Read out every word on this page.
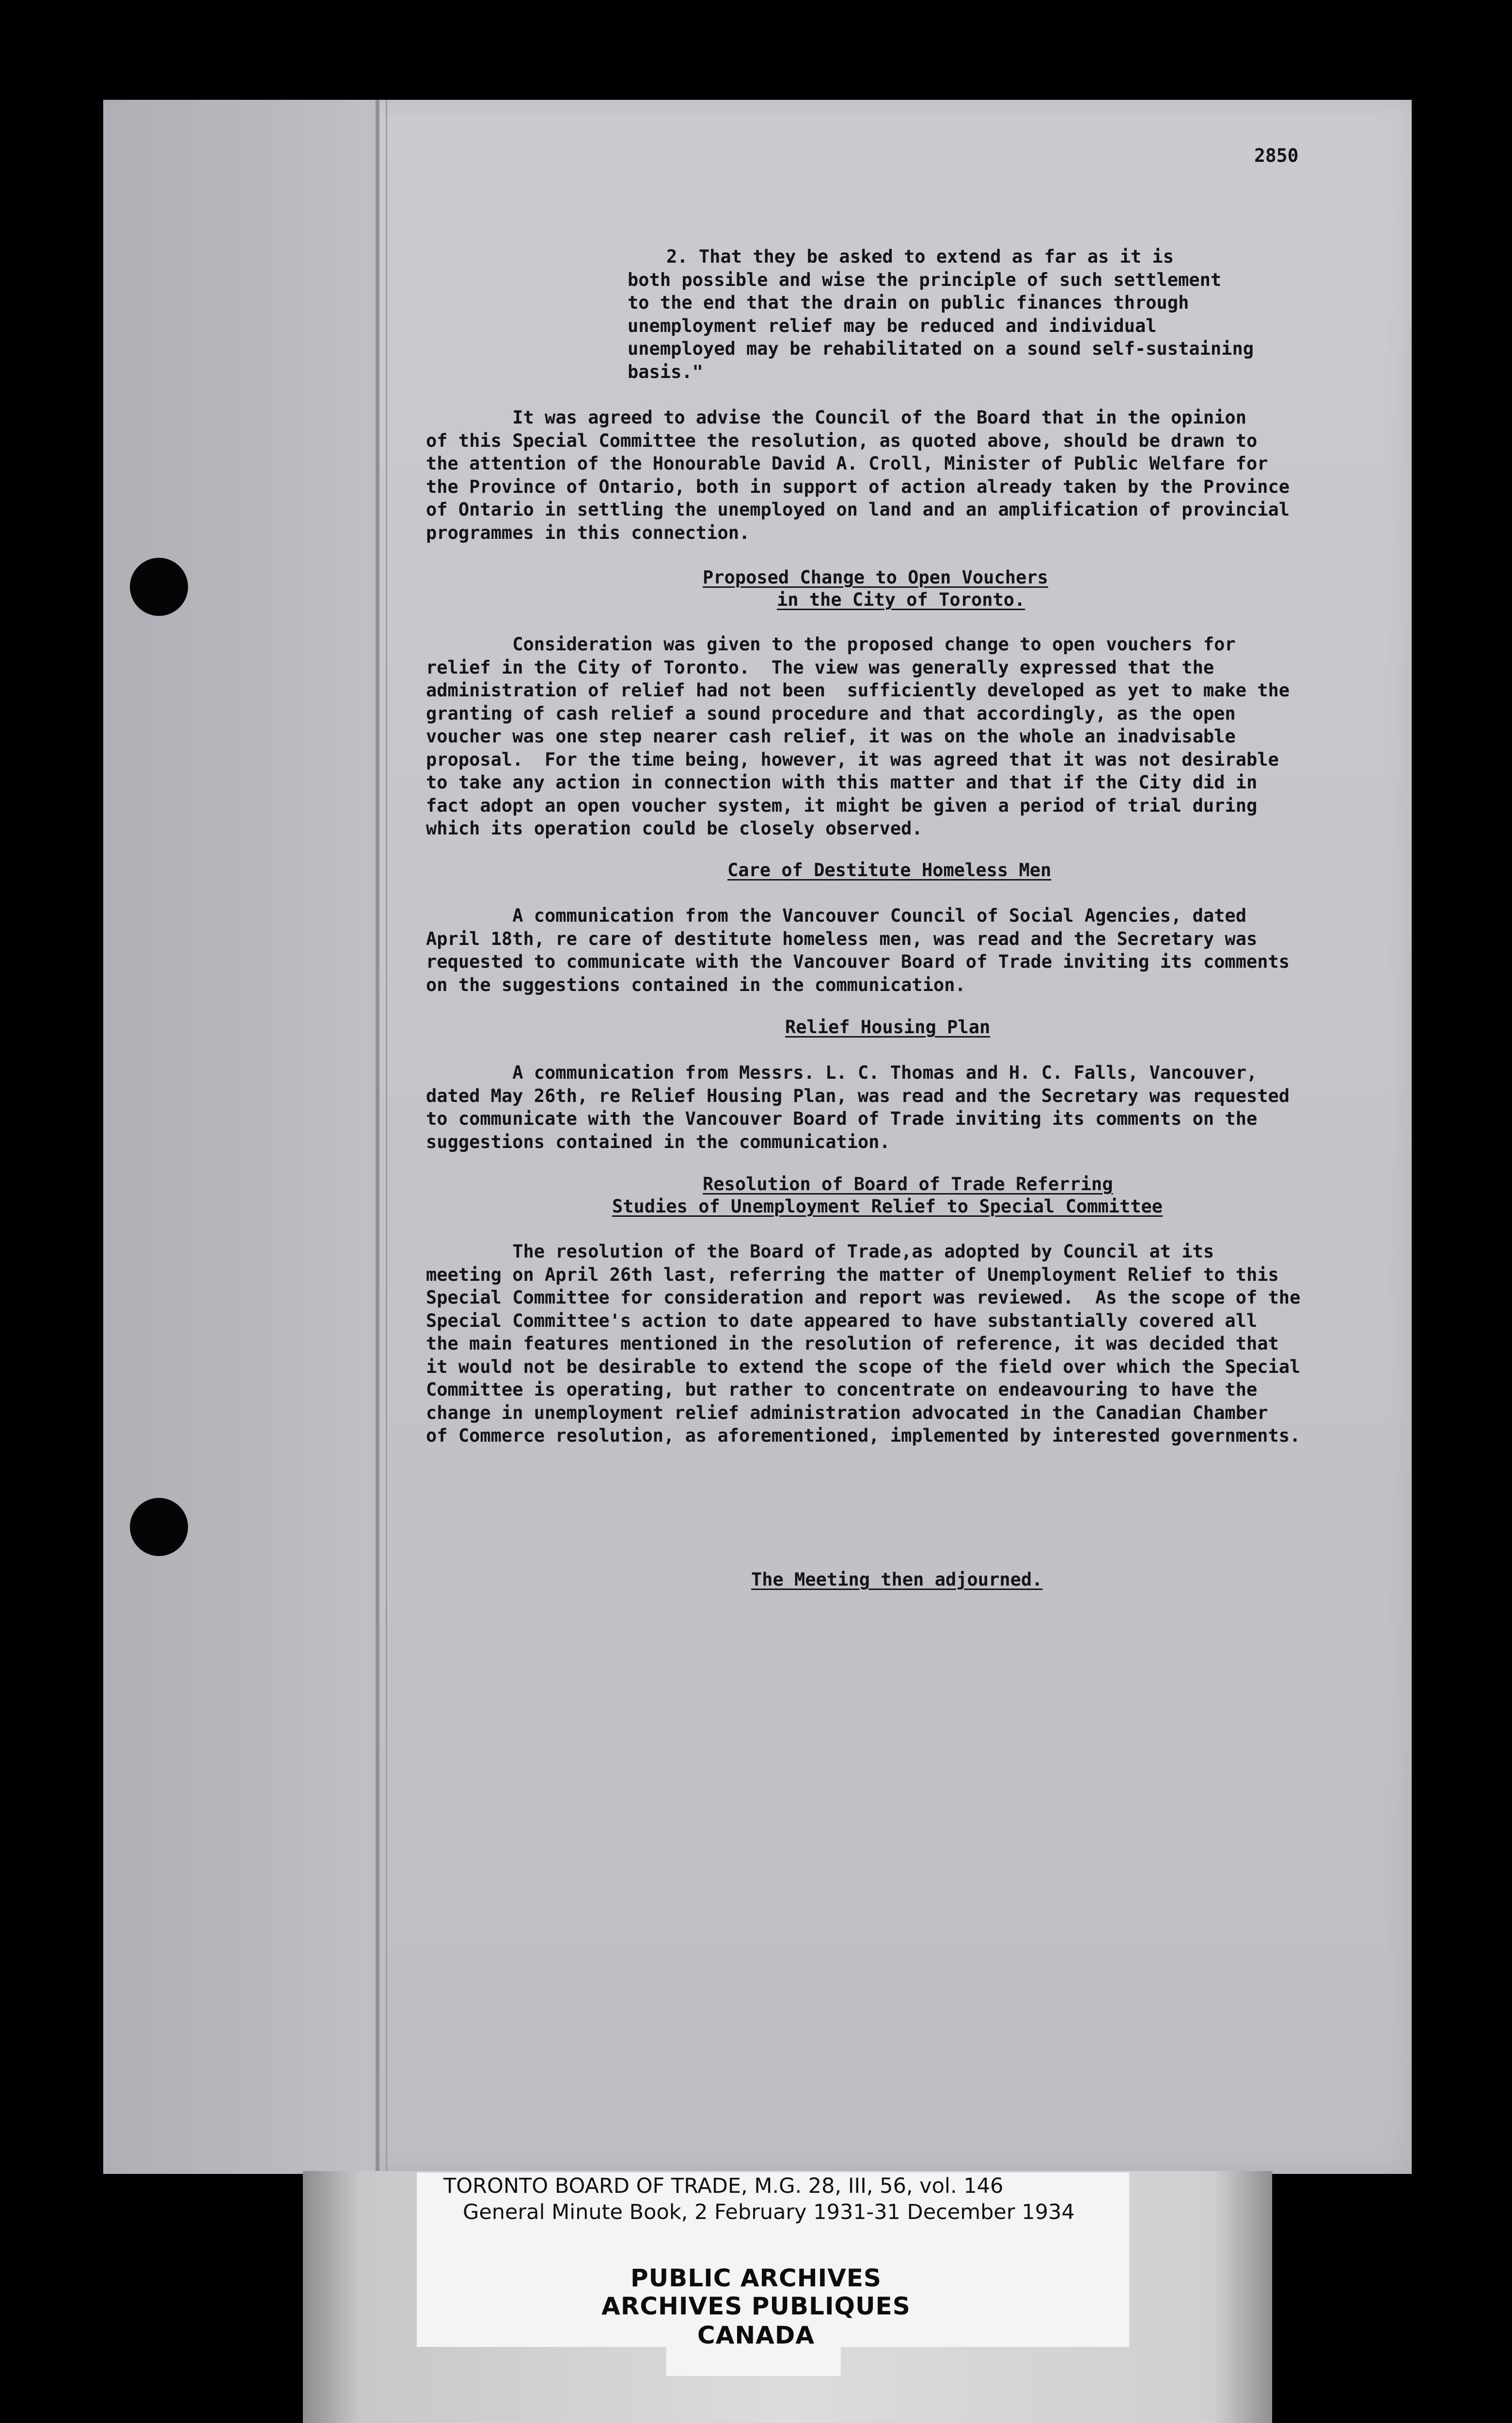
2850
2. That they be asked to extend as far as it is
both possible and wise the principle of such settlement
to the end that the drain on public finances through
unemployment relief may be reduced and individual
unemployed may be rehabilitated on a sound self-sustaining
basis."
It was agreed to advise the Council of the Board that in the opinion
of this Special Committee the resolution, as quoted above, should be drawn to
the attention of the Honourable David A. Croll, Minister of Public Welfare for
the Province of Ontario, both in support of action already taken by the Province
of Ontario in settling the unemployed on land and an amplification of provincial
programmes in this connection.
Proposed Change to Open Vouchers
in the City of Toronto.
Consideration was given to the proposed change to open vouchers for
relief in the City of Toronto.  The view was generally expressed that the
administration of relief had not been  sufficiently developed as yet to make the
granting of cash relief a sound procedure and that accordingly, as the open
voucher was one step nearer cash relief, it was on the whole an inadvisable
proposal.  For the time being, however, it was agreed that it was not desirable
to take any action in connection with this matter and that if the City did in
fact adopt an open voucher system, it might be given a period of trial during
which its operation could be closely observed.
Care of Destitute Homeless Men
A communication from the Vancouver Council of Social Agencies, dated
April 18th, re care of destitute homeless men, was read and the Secretary was
requested to communicate with the Vancouver Board of Trade inviting its comments
on the suggestions contained in the communication.
Relief Housing Plan
A communication from Messrs. L. C. Thomas and H. C. Falls, Vancouver,
dated May 26th, re Relief Housing Plan, was read and the Secretary was requested
to communicate with the Vancouver Board of Trade inviting its comments on the
suggestions contained in the communication.
Resolution of Board of Trade Referring
Studies of Unemployment Relief to Special Committee
The resolution of the Board of Trade,as adopted by Council at its
meeting on April 26th last, referring the matter of Unemployment Relief to this
Special Committee for consideration and report was reviewed.  As the scope of the
Special Committee's action to date appeared to have substantially covered all
the main features mentioned in the resolution of reference, it was decided that
it would not be desirable to extend the scope of the field over which the Special
Committee is operating, but rather to concentrate on endeavouring to have the
change in unemployment relief administration advocated in the Canadian Chamber
of Commerce resolution, as aforementioned, implemented by interested governments.
The Meeting then adjourned.
TORONTO BOARD OF TRADE, M.G. 28, III, 56, vol. 146
General Minute Book, 2 February 1931-31 December 1934
PUBLIC ARCHIVES
ARCHIVES PUBLIQUES
CANADA
